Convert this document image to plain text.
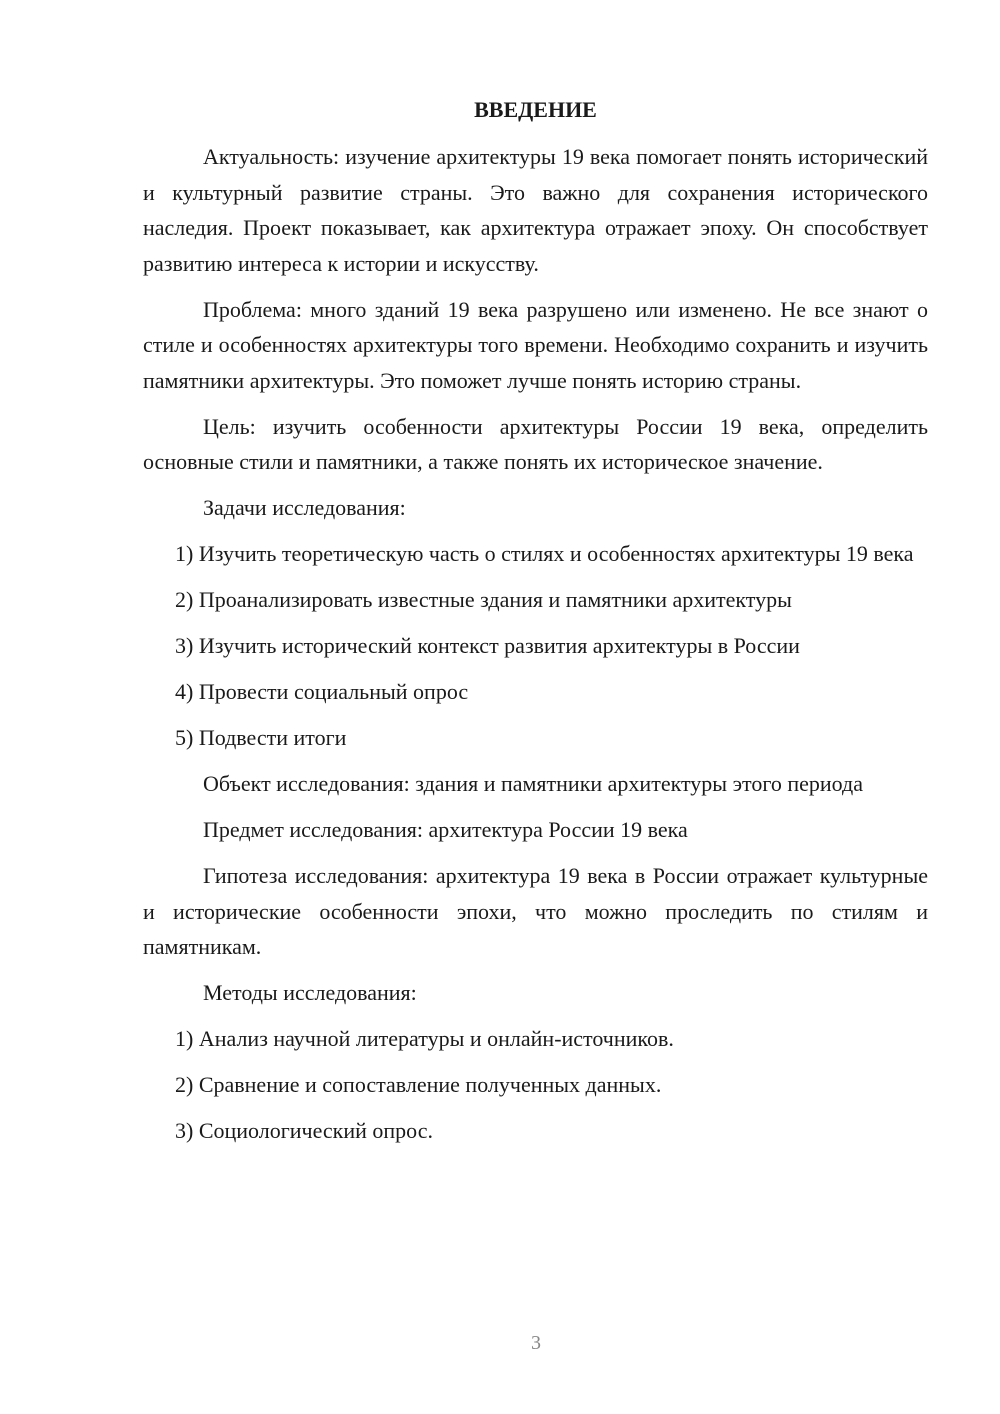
ВВЕДЕНИЕ

Актуальность: изучение архитектуры 19 века помогает понять исторический и культурный развитие страны. Это важно для сохранения исторического наследия. Проект показывает, как архитектура отражает эпоху. Он способствует развитию интереса к истории и искусству.

Проблема: много зданий 19 века разрушено или изменено. Не все знают о стиле и особенностях архитектуры того времени. Необходимо сохранить и изучить памятники архитектуры. Это поможет лучше понять историю страны.

Цель: изучить особенности архитектуры России 19 века, определить основные стили и памятники, а также понять их историческое значение.

Задачи исследования:

1) Изучить теоретическую часть о стилях и особенностях архитектуры 19 века

2) Проанализировать известные здания и памятники архитектуры

3) Изучить исторический контекст развития архитектуры в России

4) Провести социальный опрос

5) Подвести итоги

Объект исследования: здания и памятники архитектуры этого периода

Предмет исследования: архитектура России 19 века

Гипотеза исследования: архитектура 19 века в России отражает культурные и исторические особенности эпохи, что можно проследить по стилям и памятникам.

Методы исследования:

1) Анализ научной литературы и онлайн-источников.

2) Сравнение и сопоставление полученных данных.

3) Социологический опрос.

3
